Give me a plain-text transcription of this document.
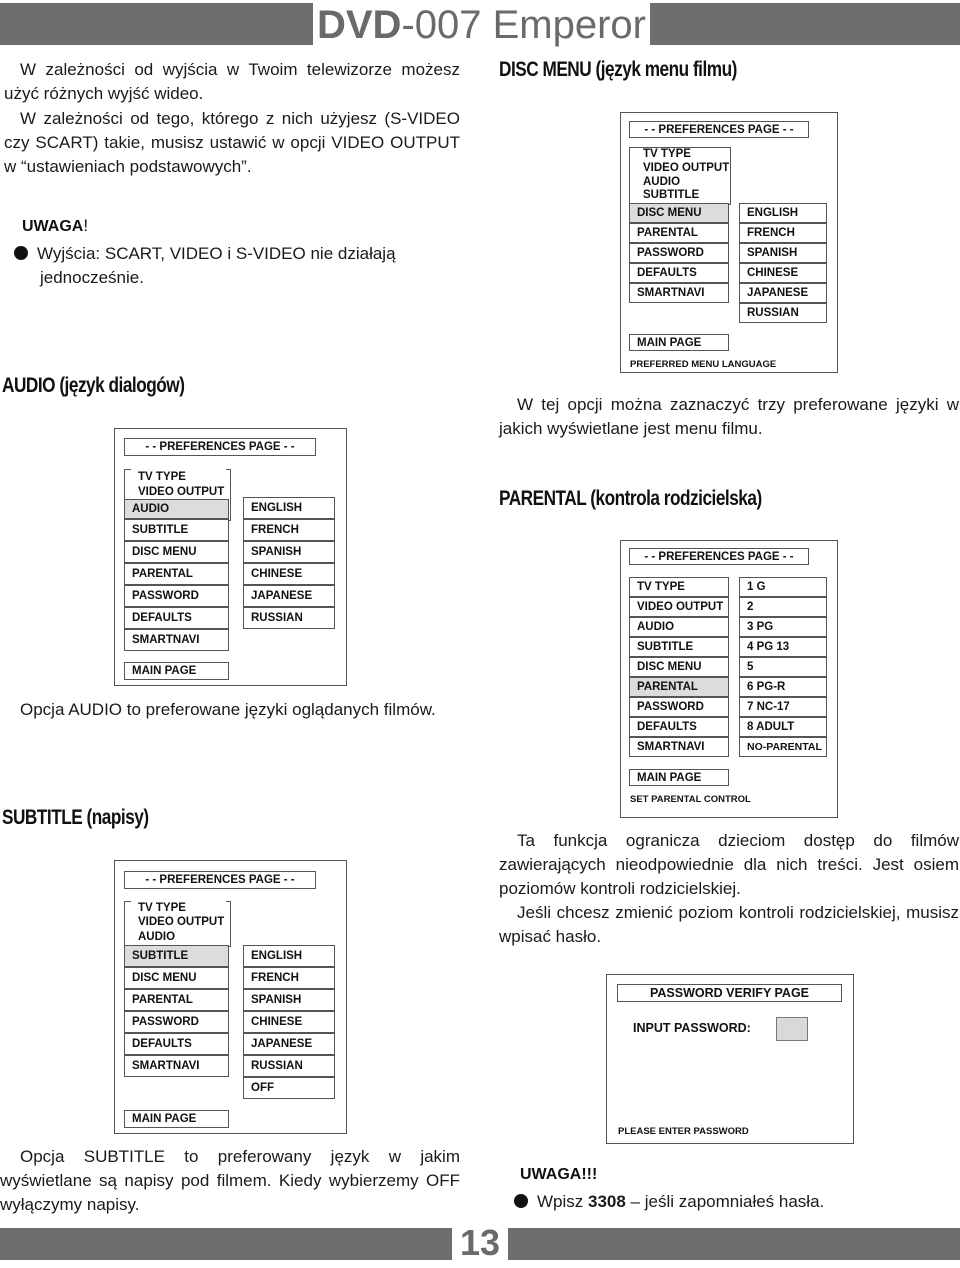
DVD-007 Emperor
W zależności od wyjścia w Twoim telewizorze możesz użyć różnych wyjść wideo.
W zależności od tego, którego z nich użyjesz (S-VIDEO czy SCART) takie, musisz ustawić w opcji VIDEO OUTPUT w “ustawieniach podstawowych”.
UWAGA!
Wyjścia: SCART, VIDEO i S-VIDEO nie działają jednocześnie.
DISC MENU (język menu filmu)
- - PREFERENCES PAGE - -
TV TYPE
VIDEO OUTPUT
AUDIO
SUBTITLE
DISC MENU
PARENTAL
PASSWORD
DEFAULTS
SMARTNAVI
ENGLISH
FRENCH
SPANISH
CHINESE
JAPANESE
RUSSIAN
MAIN PAGE
PREFERRED MENU LANGUAGE
W tej opcji można zaznaczyć trzy preferowane języki w jakich wyświetlane jest menu filmu.
AUDIO (język dialogów)
- - PREFERENCES PAGE - -
TV TYPE
VIDEO OUTPUT
AUDIO
SUBTITLE
DISC MENU
PARENTAL
PASSWORD
DEFAULTS
SMARTNAVI
ENGLISH
FRENCH
SPANISH
CHINESE
JAPANESE
RUSSIAN
MAIN PAGE
Opcja AUDIO to preferowane języki oglądanych filmów.
PARENTAL (kontrola rodzicielska)
- - PREFERENCES PAGE - -
TV TYPE
VIDEO OUTPUT
AUDIO
SUBTITLE
DISC MENU
PARENTAL
PASSWORD
DEFAULTS
SMARTNAVI
1 G
2
3 PG
4 PG 13
5
6 PG-R
7 NC-17
8 ADULT
NO-PARENTAL
MAIN PAGE
SET PARENTAL CONTROL
Ta funkcja ogranicza dzieciom dostęp do filmów zawierających nieodpowiednie dla nich treści. Jest osiem poziomów kontroli rodzicielskiej.
Jeśli chcesz zmienić poziom kontroli rodzicielskiej, musisz wpisać hasło.
PASSWORD VERIFY PAGE
INPUT PASSWORD:
PLEASE ENTER PASSWORD
UWAGA!!!
Wpisz 3308 – jeśli zapomniałeś hasła.
SUBTITLE (napisy)
- - PREFERENCES PAGE - -
TV TYPE
VIDEO OUTPUT
AUDIO
SUBTITLE
DISC MENU
PARENTAL
PASSWORD
DEFAULTS
SMARTNAVI
ENGLISH
FRENCH
SPANISH
CHINESE
JAPANESE
RUSSIAN
OFF
MAIN PAGE
Opcja SUBTITLE to preferowany język w jakim wyświetlane są napisy pod filmem. Kiedy wybierzemy OFF wyłączymy napisy.
13
